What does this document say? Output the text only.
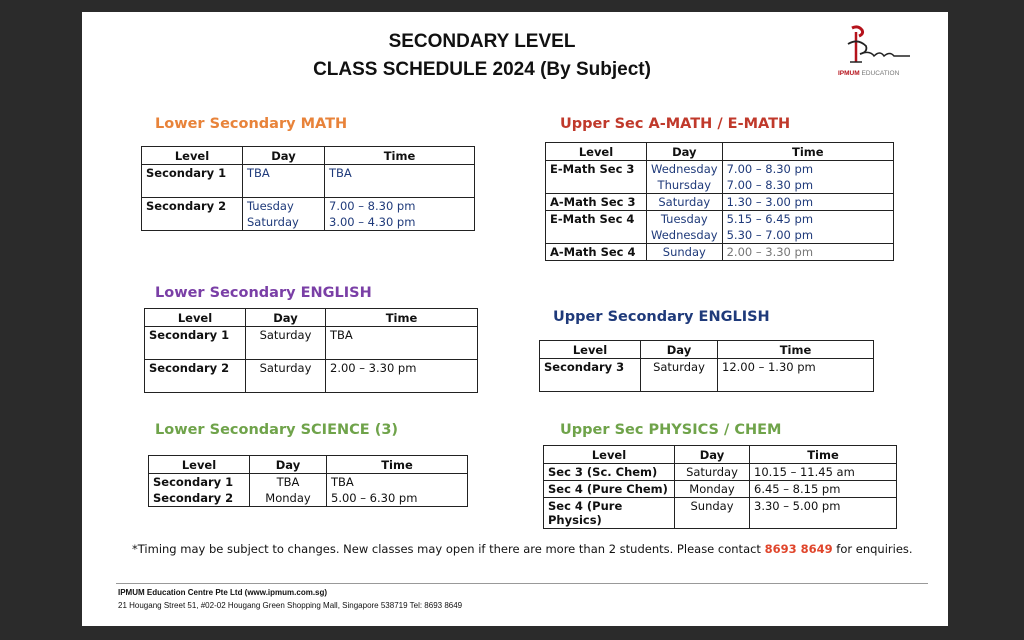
SECONDARY LEVEL
CLASS SCHEDULE 2024 (By Subject)	IPMUM EDUCATION
Lower Secondary MATH
Level	Day	Time
Secondary 1	TBA	TBA
Secondary 2	Tuesday	7.00 – 8.30 pm
	Saturday	3.00 – 4.30 pm
Lower Secondary ENGLISH
Level	Day	Time
Secondary 1	Saturday	TBA
Secondary 2	Saturday	2.00 – 3.30 pm
Lower Secondary SCIENCE (3)
Level	Day	Time
Secondary 1	TBA	TBA
Secondary 2	Monday	5.00 – 6.30 pm
Upper Sec A-MATH / E-MATH
Level	Day	Time
E-Math Sec 3	Wednesday	7.00 – 8.30 pm
	Thursday	7.00 – 8.30 pm
A-Math Sec 3	Saturday	1.30 – 3.00 pm
E-Math Sec 4	Tuesday	5.15 – 6.45 pm
	Wednesday	5.30 – 7.00 pm
A-Math Sec 4	Sunday	2.00 – 3.30 pm
Upper Secondary ENGLISH
Level	Day	Time
Secondary 3	Saturday	12.00 – 1.30 pm
Upper Sec PHYSICS / CHEM
Level	Day	Time
Sec 3 (Sc. Chem)	Saturday	10.15 – 11.45 am
Sec 4 (Pure Chem)	Monday	6.45 – 8.15 pm
Sec 4 (Pure Physics)	Sunday	3.30 – 5.00 pm
*Timing may be subject to changes. New classes may open if there are more than 2 students. Please contact 8693 8649 for enquiries.
IPMUM Education Centre Pte Ltd (www.ipmum.com.sg)
21 Hougang Street 51, #02-02 Hougang Green Shopping Mall, Singapore 538719 Tel: 8693 8649
